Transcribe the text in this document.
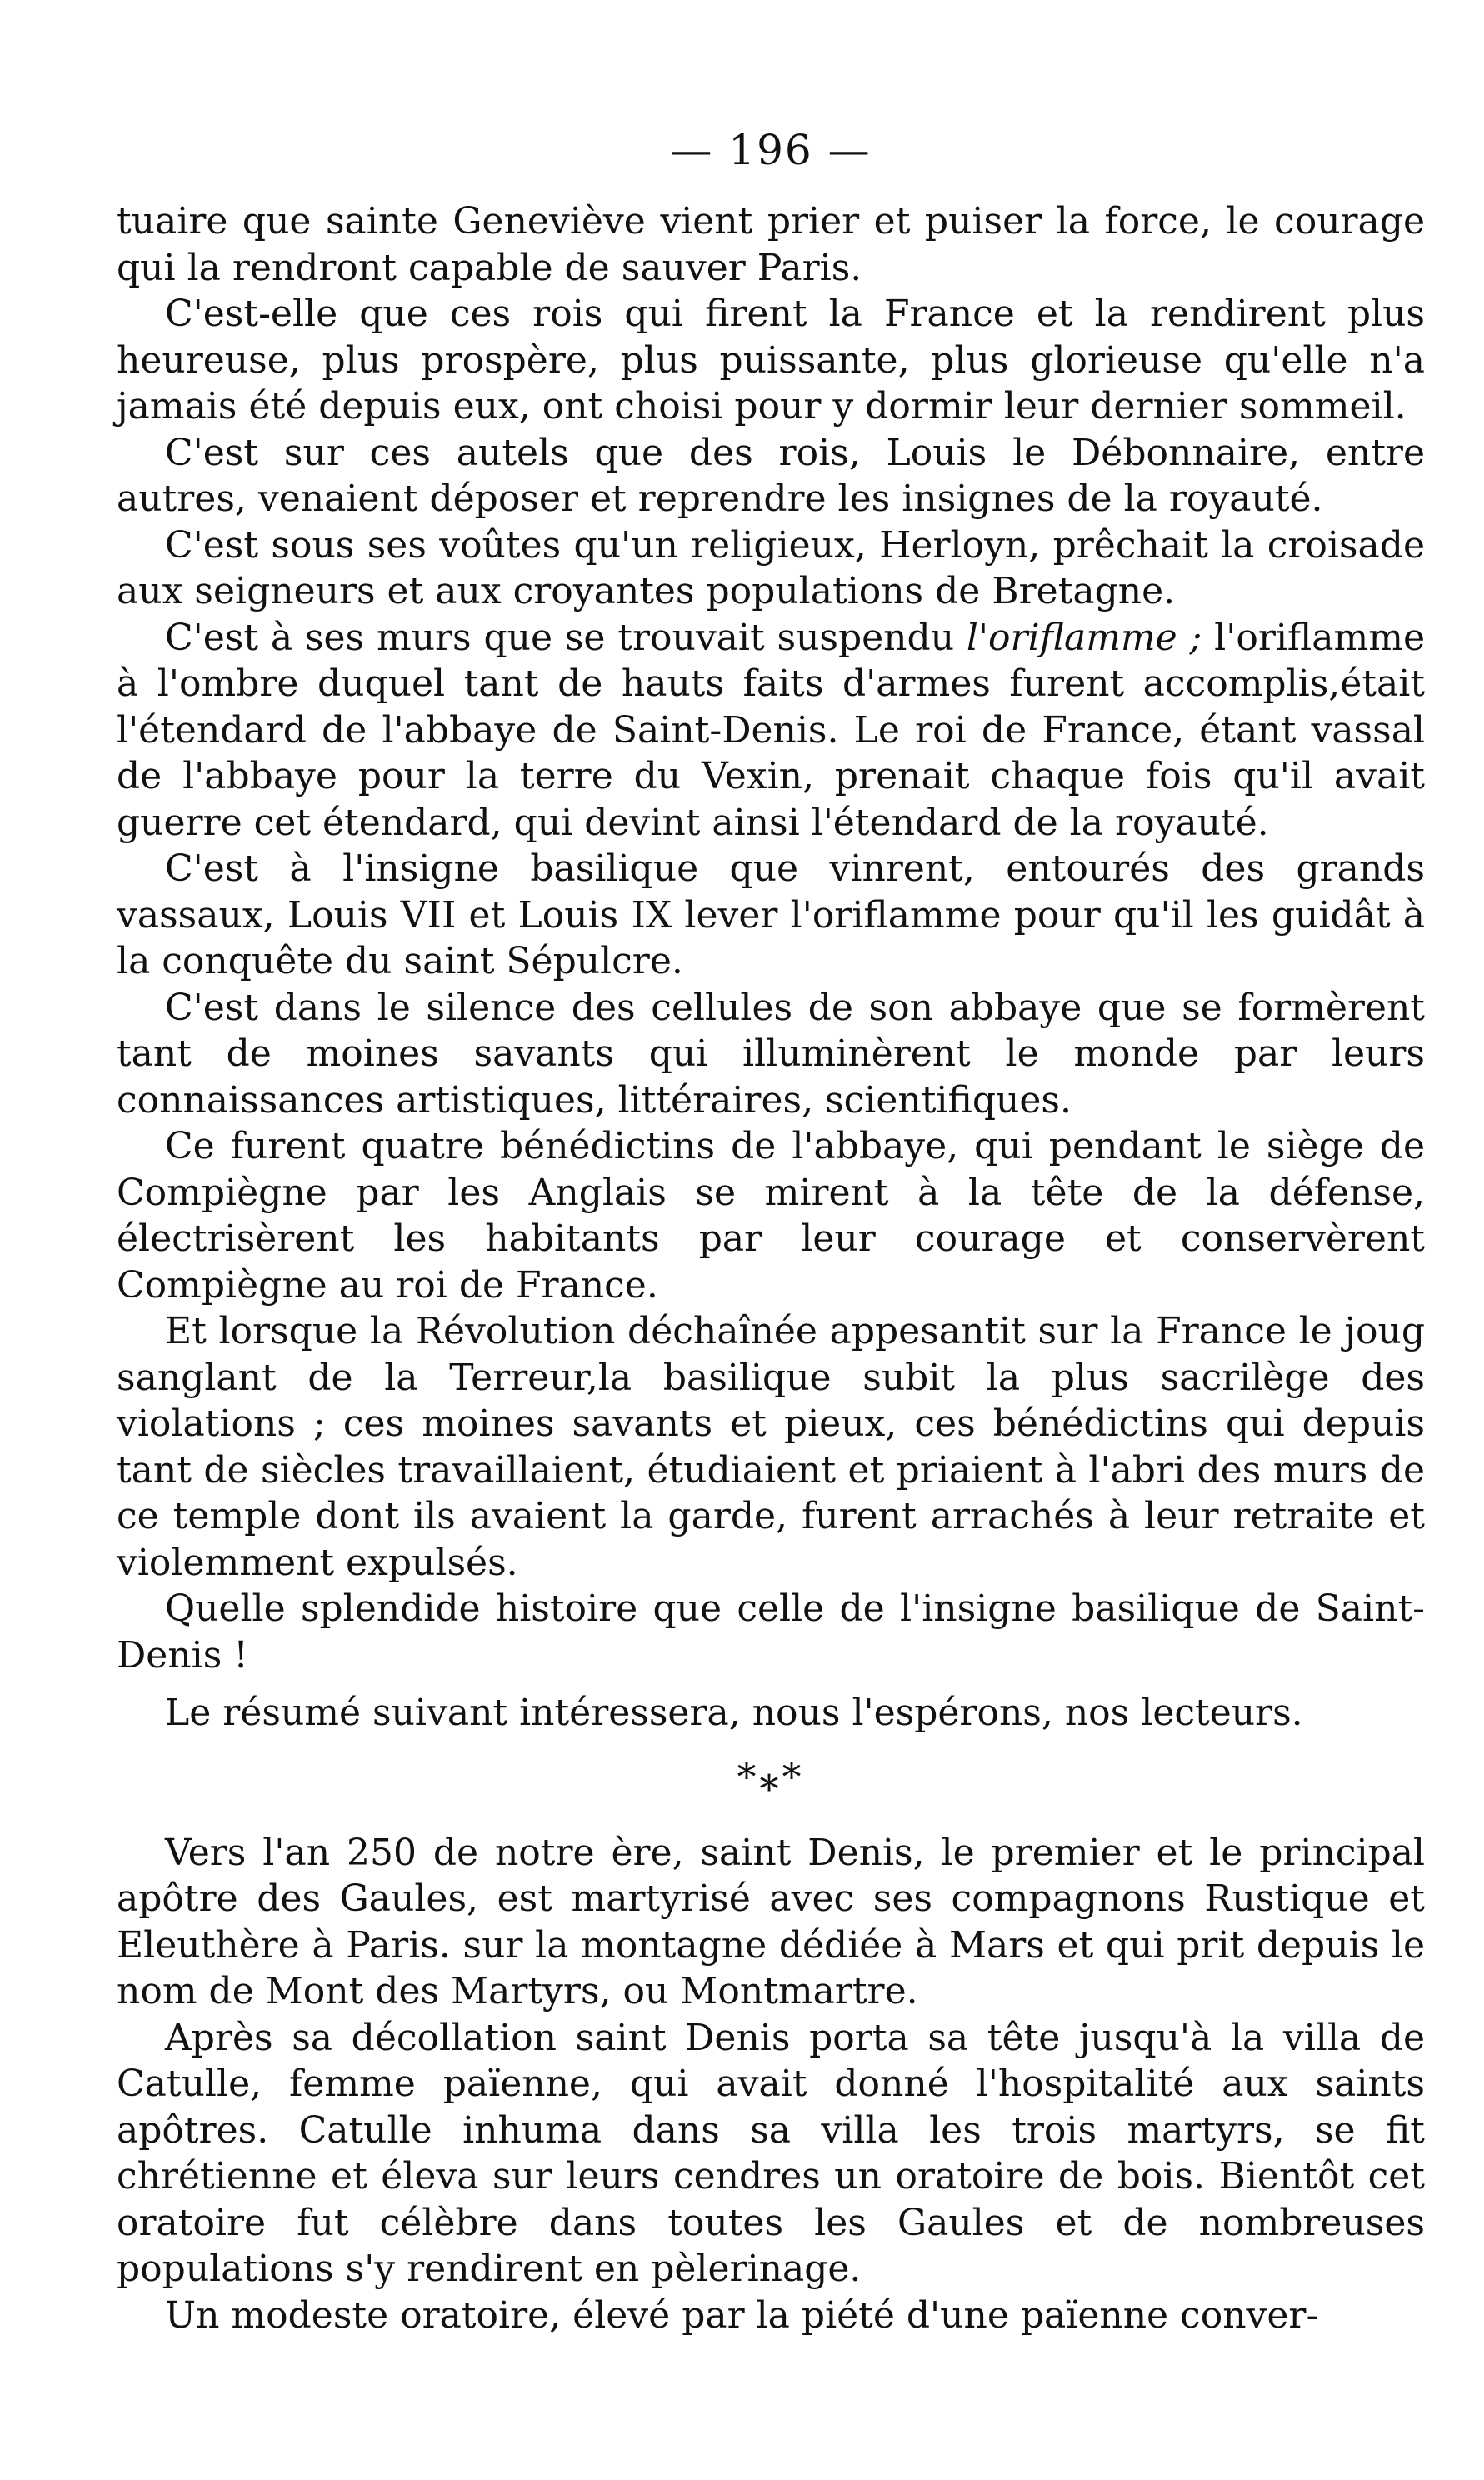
— 196 —

tuaire que sainte Geneviève vient prier et puiser la force, le courage qui la rendront capable de sauver Paris.

C'est-elle que ces rois qui firent la France et la rendirent plus heureuse, plus prospère, plus puissante, plus glorieuse qu'elle n'a jamais été depuis eux, ont choisi pour y dormir leur dernier sommeil.

C'est sur ces autels que des rois, Louis le Débonnaire, entre autres, venaient déposer et reprendre les insignes de la royauté.

C'est sous ses voûtes qu'un religieux, Herloyn, prêchait la croisade aux seigneurs et aux croyantes populations de Bretagne.

C'est à ses murs que se trouvait suspendu l'oriflamme ; l'oriflamme à l'ombre duquel tant de hauts faits d'armes furent accomplis,était l'étendard de l'abbaye de Saint-Denis. Le roi de France, étant vassal de l'abbaye pour la terre du Vexin, prenait chaque fois qu'il avait guerre cet étendard, qui devint ainsi l'étendard de la royauté.

C'est à l'insigne basilique que vinrent, entourés des grands vassaux, Louis VII et Louis IX lever l'oriflamme pour qu'il les guidât à la conquête du saint Sépulcre.

C'est dans le silence des cellules de son abbaye que se formèrent tant de moines savants qui illuminèrent le monde par leurs connaissances artistiques, littéraires, scientifiques.

Ce furent quatre bénédictins de l'abbaye, qui pendant le siège de Compiègne par les Anglais se mirent à la tête de la défense, électrisèrent les habitants par leur courage et conservèrent Compiègne au roi de France.

Et lorsque la Révolution déchaînée appesantit sur la France le joug sanglant de la Terreur,la basilique subit la plus sacrilège des violations ; ces moines savants et pieux, ces bénédictins qui depuis tant de siècles travaillaient, étudiaient et priaient à l'abri des murs de ce temple dont ils avaient la garde, furent arrachés à leur retraite et violemment expulsés.

Quelle splendide histoire que celle de l'insigne basilique de Saint-Denis !

Le résumé suivant intéressera, nous l'espérons, nos lecteurs.

*⁎*

Vers l'an 250 de notre ère, saint Denis, le premier et le principal apôtre des Gaules, est martyrisé avec ses compagnons Rustique et Eleuthère à Paris. sur la montagne dédiée à Mars et qui prit depuis le nom de Mont des Martyrs, ou Montmartre.

Après sa décollation saint Denis porta sa tête jusqu'à la villa de Catulle, femme païenne, qui avait donné l'hospitalité aux saints apôtres. Catulle inhuma dans sa villa les trois martyrs, se fit chrétienne et éleva sur leurs cendres un oratoire de bois. Bientôt cet oratoire fut célèbre dans toutes les Gaules et de nombreuses populations s'y rendirent en pèlerinage.

Un modeste oratoire, élevé par la piété d'une païenne conver-
